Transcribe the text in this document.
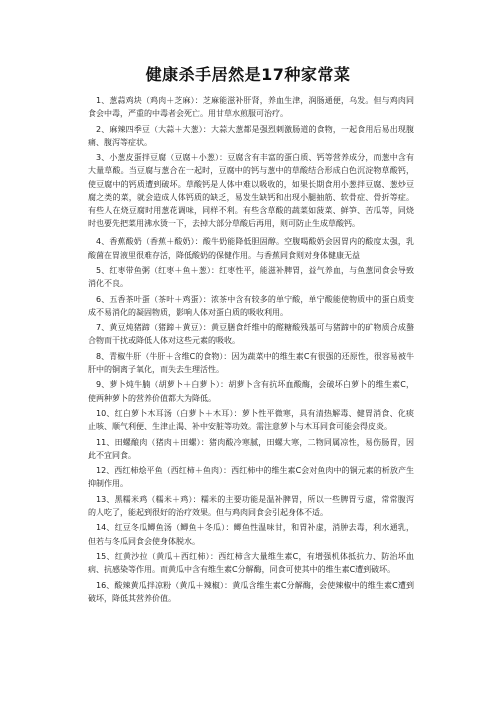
健康杀手居然是17种家常菜

1、葱蒜鸡块（鸡肉＋芝麻）：芝麻能滋补肝肾，养血生津，润肠通便，乌发。但与鸡肉同食会中毒，严重的中毒者会死亡。用甘草水煎服可治疗。

2、麻辣四季豆（大蒜＋大葱）：大蒜大葱都是强烈刺激肠道的食物，一起食用后易出现腹痛、腹泻等症状。

3、小葱皮蛋拌豆腐（豆腐＋小葱）：豆腐含有丰富的蛋白质、钙等营养成分，而葱中含有大量草酸。当豆腐与葱合在一起时，豆腐中的钙与葱中的草酸结合形成白色沉淀物草酸钙，使豆腐中的钙质遭到破坏。草酸钙是人体中难以吸收的，如果长期食用小葱拌豆腐、葱炒豆腐之类的菜，就会造成人体钙质的缺乏，易发生缺钙和出现小腿抽筋、软骨症、骨折等症。有些人在烧豆腐时用葱花调味，同样不利。有些含草酸的蔬菜如菠菜、鲜笋、苦瓜等，同烧时也要先把菜用沸水烫一下，去掉大部分草酸后再用，则可防止生成草酸钙。

4、香蕉酸奶（香蕉＋酸奶）：酸牛奶能降低胆固醇。空腹喝酸奶会因胃内的酸度太强，乳酸菌在胃液里很难存活，降低酸奶的保健作用。与香蕉同食则对身体健康无益

5、红枣带鱼粥（红枣＋鱼＋葱）：红枣性平，能滋补脾胃，益气养血，与鱼葱同食会导致消化不良。

6、五香茶叶蛋（茶叶＋鸡蛋）：浓茶中含有较多的单宁酸，单宁酸能使物质中的蛋白质变成不易消化的凝固物质，影响人体对蛋白质的吸收利用。

7、黄豆炖猪蹄（猪蹄＋黄豆）：黄豆膳食纤维中的醛糖酸残基可与猪蹄中的矿物质合成螯合物而干扰或降低人体对这些元素的吸收。

8、青椒牛肝（牛肝＋含维C的食物）：因为蔬菜中的维生素C有很强的还原性，很容易被牛肝中的铜离子氧化，而失去生理活性。

9、萝卜炖牛腩（胡萝卜＋白萝卜）：胡萝卜含有抗坏血酸酶，会破坏白萝卜的维生素C，使两种萝卜的营养价值都大为降低。

10、红白萝卜木耳汤（白萝卜＋木耳）：萝卜性平微寒，具有清热解毒、健胃消食、化痰止咳、顺气利便、生津止渴、补中安脏等功效。需注意萝卜与木耳同食可能会得皮炎。

11、田螺酿肉（猪肉＋田螺）：猪肉酸冷寒腻，田螺大寒，二物同属凉性，易伤肠胃，因此不宜同食。

12、西红柿烩平鱼（西红柿＋鱼肉）：西红柿中的维生素C会对鱼肉中的铜元素的析放产生抑制作用。

13、黑糯米鸡（糯米＋鸡）：糯米的主要功能是温补脾胃，所以一些脾胃亏虚，常常腹泻的人吃了，能起到很好的治疗效果。但与鸡肉同食会引起身体不适。

14、红豆冬瓜鲫鱼汤（鲫鱼＋冬瓜）：鲫鱼性温味甘，和胃补虚，消肿去毒，利水通乳，但若与冬瓜同食会使身体脱水。

15、红黄沙拉（黄瓜＋西红柿）：西红柿含大量维生素C，有增强机体抵抗力、防治坏血病、抗感染等作用。而黄瓜中含有维生素C分解酶，同食可使其中的维生素C遭到破坏。

16、酸辣黄瓜拌凉粉（黄瓜＋辣椒）：黄瓜含维生素C分解酶，会使辣椒中的维生素C遭到破坏，降低其营养价值。
